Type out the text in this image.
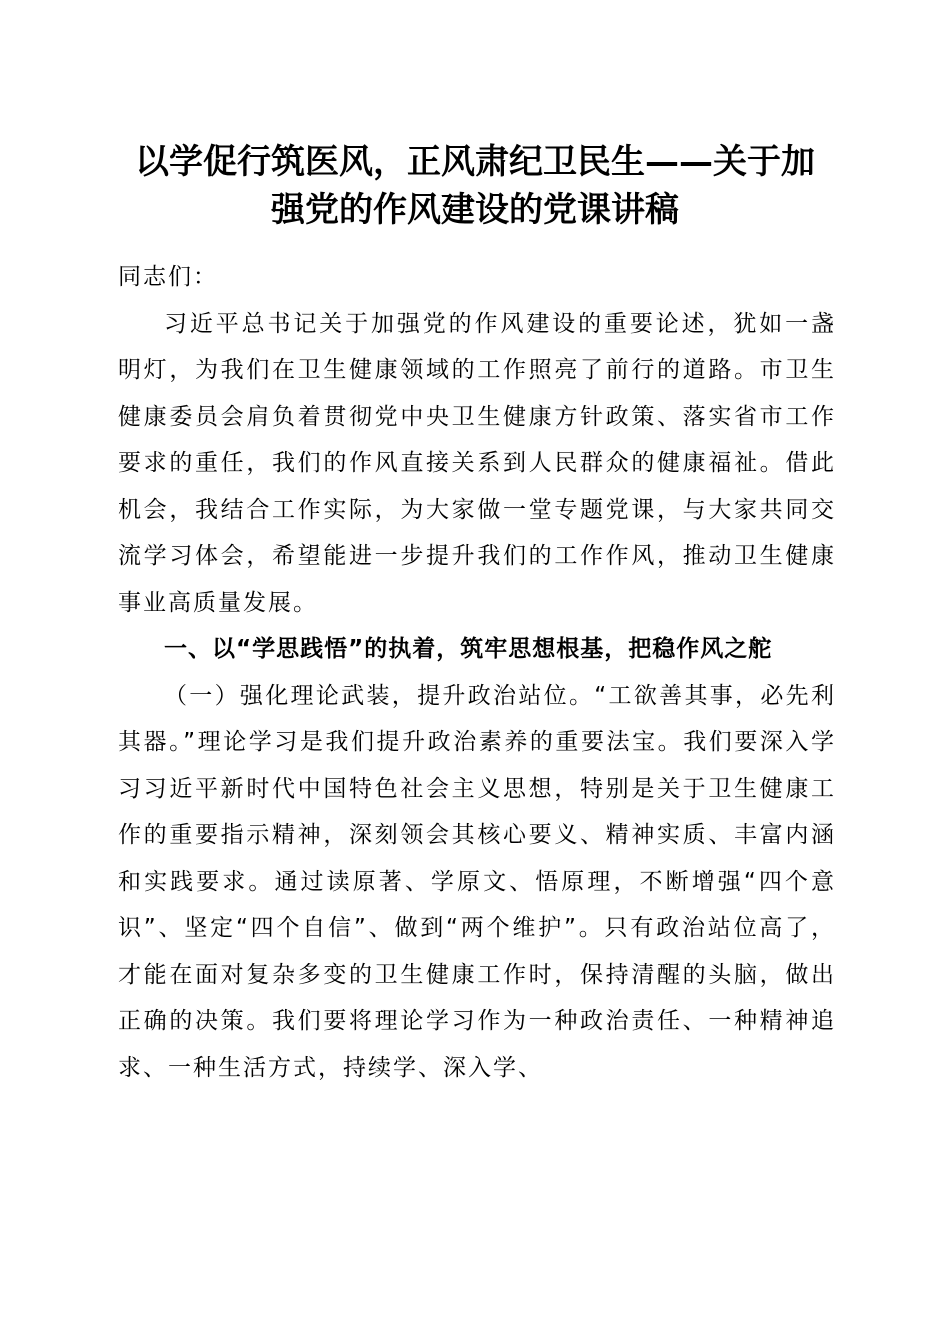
以学促行筑医风，正风肃纪卫民生——关于加
强党的作风建设的党课讲稿

同志们：

习近平总书记关于加强党的作风建设的重要论述，犹如一盏明灯，为我们在卫生健康领域的工作照亮了前行的道路。市卫生健康委员会肩负着贯彻党中央卫生健康方针政策、落实省市工作要求的重任，我们的作风直接关系到人民群众的健康福祉。借此机会，我结合工作实际，为大家做一堂专题党课，与大家共同交流学习体会，希望能进一步提升我们的工作作风，推动卫生健康事业高质量发展。

一、以“学思践悟”的执着，筑牢思想根基，把稳作风之舵

（一）强化理论武装，提升政治站位。“工欲善其事，必先利其器。”理论学习是我们提升政治素养的重要法宝。我们要深入学习习近平新时代中国特色社会主义思想，特别是关于卫生健康工作的重要指示精神，深刻领会其核心要义、精神实质、丰富内涵和实践要求。通过读原著、学原文、悟原理，不断增强“四个意识”、坚定“四个自信”、做到“两个维护”。只有政治站位高了，才能在面对复杂多变的卫生健康工作时，保持清醒的头脑，做出正确的决策。我们要将理论学习作为一种政治责任、一种精神追求、一种生活方式，持续学、深入学、
